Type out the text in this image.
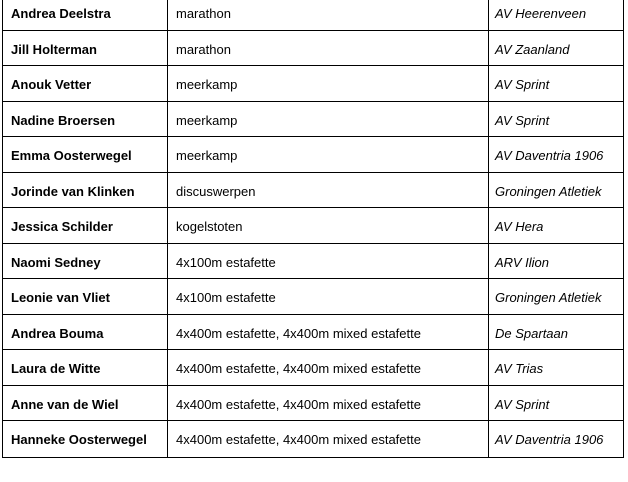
Andrea Deelstra	marathon	AV Heerenveen
Jill Holterman	marathon	AV Zaanland
Anouk Vetter	meerkamp	AV Sprint
Nadine Broersen	meerkamp	AV Sprint
Emma Oosterwegel	meerkamp	AV Daventria 1906
Jorinde van Klinken	discuswerpen	Groningen Atletiek
Jessica Schilder	kogelstoten	AV Hera
Naomi Sedney	4x100m estafette	ARV Ilion
Leonie van Vliet	4x100m estafette	Groningen Atletiek
Andrea Bouma	4x400m estafette, 4x400m mixed estafette	De Spartaan
Laura de Witte	4x400m estafette, 4x400m mixed estafette	AV Trias
Anne van de Wiel	4x400m estafette, 4x400m mixed estafette	AV Sprint
Hanneke Oosterwegel	4x400m estafette, 4x400m mixed estafette	AV Daventria 1906
